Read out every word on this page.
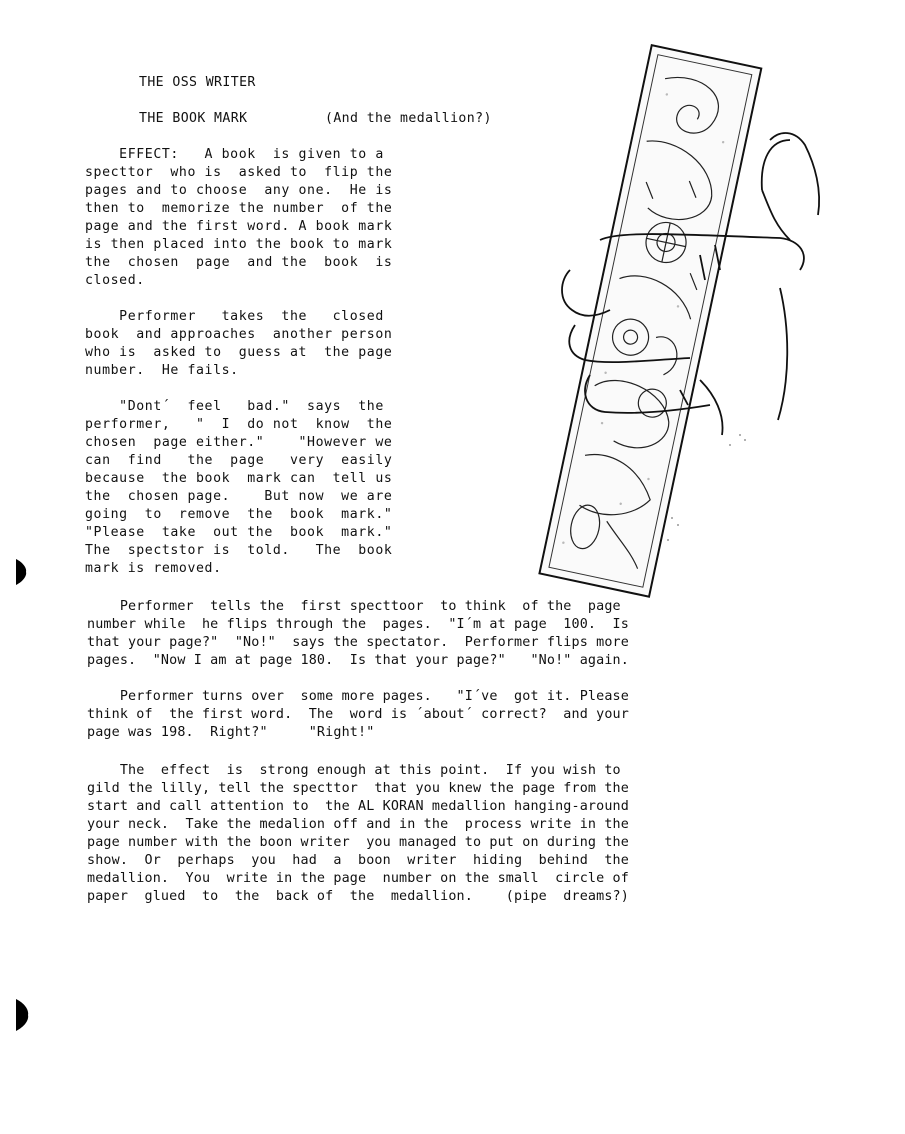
THE OSS WRITER

THE BOOK MARK	(And the medallion?)

EFFECT:   A book  is given to a

specttor  who is  asked to  flip the

pages and to choose  any one.  He is

then to  memorize the number  of the

page and the first word. A book mark

is then placed into the book to mark

the  chosen  page  and the  book  is

closed.

Performer   takes  the   closed

book  and approaches  another person

who is  asked to  guess at  the page

number.  He fails.

"Dont´  feel   bad."  says  the

performer,   "  I  do not  know  the

chosen  page either."    "However we

can  find   the  page   very  easily

because  the book  mark can  tell us

the  chosen page.    But now  we are

going  to  remove  the  book  mark."

"Please  take  out the  book  mark."

The  spectstor is  told.   The  book

mark is removed.

Performer  tells the  first specttoor  to think  of the  page

number while  he flips through the  pages.  "I´m at page  100.  Is

that your page?"  "No!"  says the spectator.  Performer flips more

pages.  "Now I am at page 180.  Is that your page?"   "No!" again.

Performer turns over  some more pages.   "I´ve  got it. Please

think of  the first word.  The  word is ´about´ correct?  and your

page was 198.  Right?"     "Right!"

The  effect  is  strong enough at this point.  If you wish to

gild the lilly, tell the specttor  that you knew the page from the

start and call attention to  the AL KORAN medallion hanging-around

your neck.  Take the medalion off and in the  process write in the

page number with the boon writer  you managed to put on during the

show.  Or  perhaps  you  had  a  boon  writer  hiding  behind  the

medallion.  You  write in the page  number on the small  circle of

paper  glued  to  the  back of  the  medallion.    (pipe  dreams?)
